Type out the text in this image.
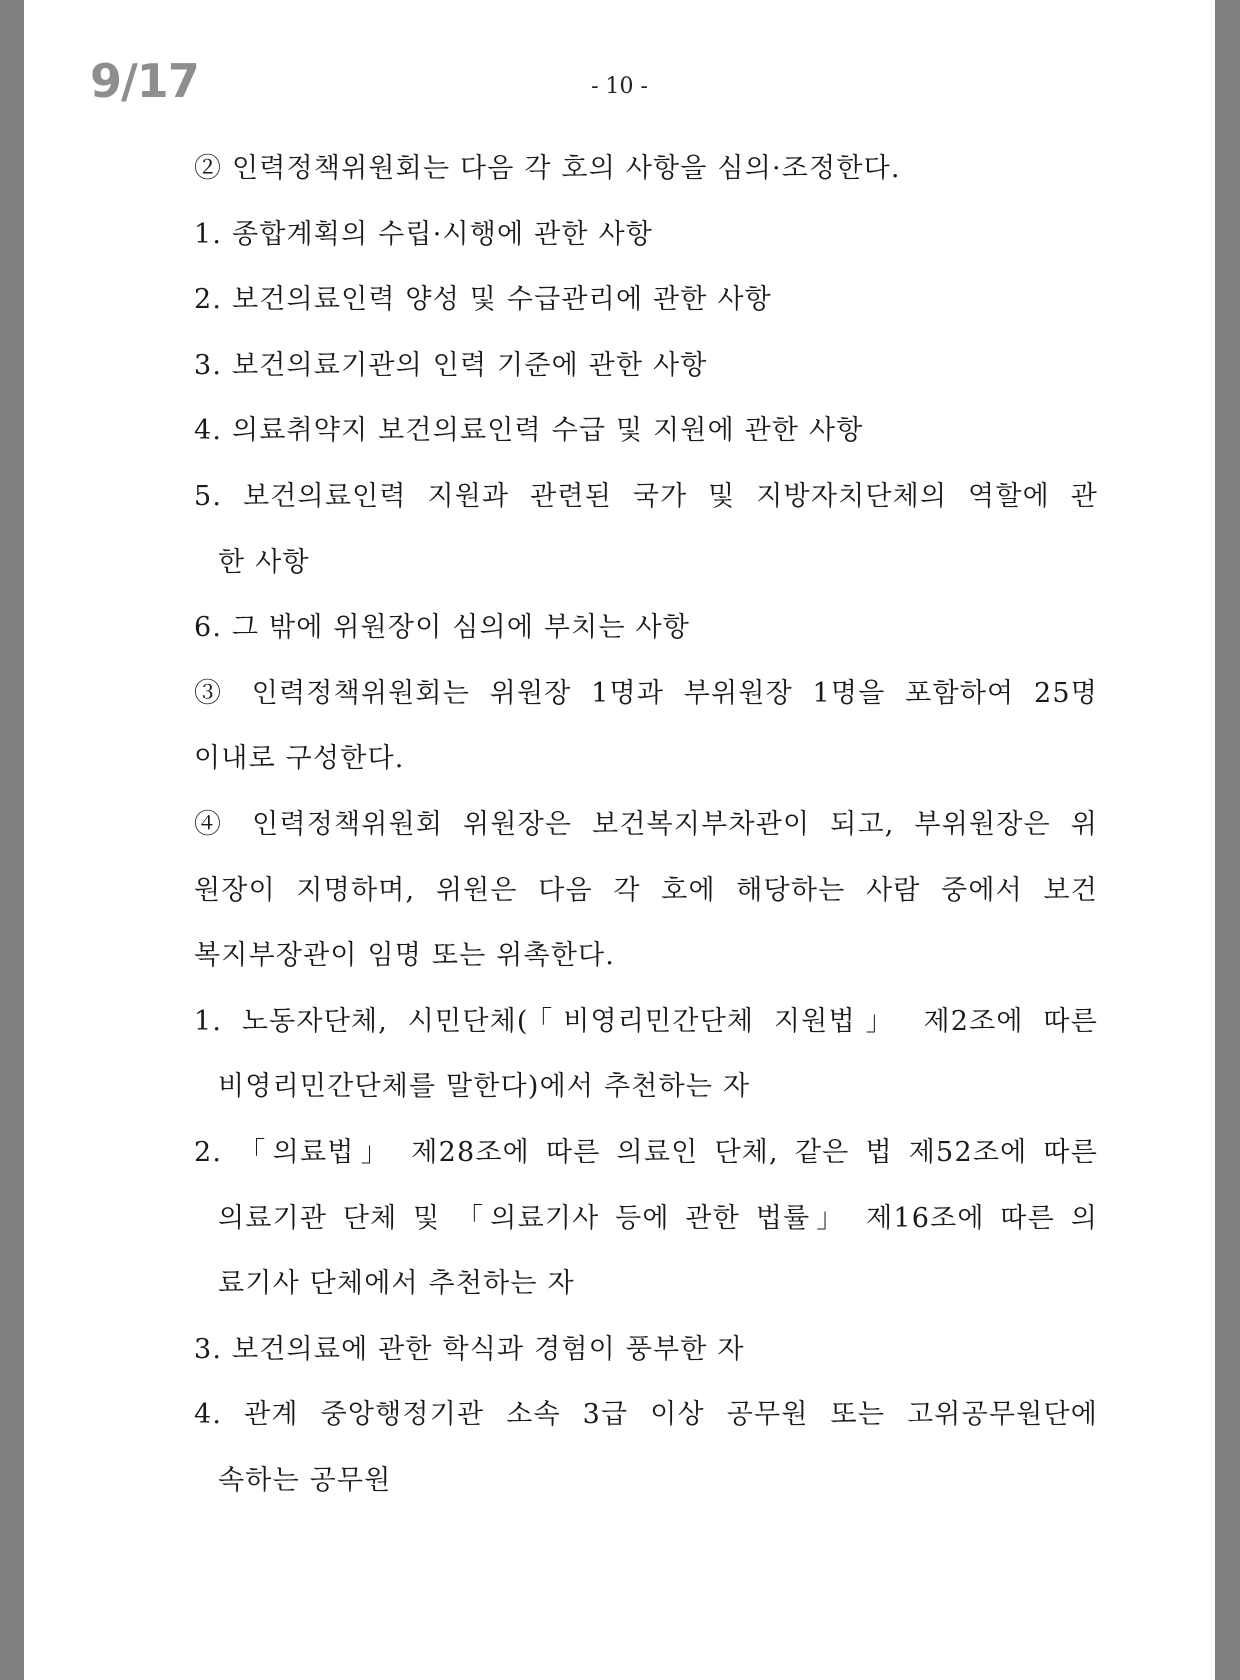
9/17	- 10 -
② 인력정책위원회는 다음 각 호의 사항을 심의·조정한다.
1. 종합계획의 수립·시행에 관한 사항
2. 보건의료인력 양성 및 수급관리에 관한 사항
3. 보건의료기관의 인력 기준에 관한 사항
4. 의료취약지 보건의료인력 수급 및 지원에 관한 사항
5. 보건의료인력 지원과 관련된 국가 및 지방자치단체의 역할에 관
한 사항
6. 그 밖에 위원장이 심의에 부치는 사항
③ 인력정책위원회는 위원장 1명과 부위원장 1명을 포함하여 25명
이내로 구성한다.
④ 인력정책위원회 위원장은 보건복지부차관이 되고, 부위원장은 위
원장이 지명하며, 위원은 다음 각 호에 해당하는 사람 중에서 보건
복지부장관이 임명 또는 위촉한다.
1. 노동자단체, 시민단체(「비영리민간단체 지원법」 제2조에 따른
비영리민간단체를 말한다)에서 추천하는 자
2. 「의료법」 제28조에 따른 의료인 단체, 같은 법 제52조에 따른
의료기관 단체 및 「의료기사 등에 관한 법률」 제16조에 따른 의
료기사 단체에서 추천하는 자
3. 보건의료에 관한 학식과 경험이 풍부한 자
4. 관계 중앙행정기관 소속 3급 이상 공무원 또는 고위공무원단에
속하는 공무원
